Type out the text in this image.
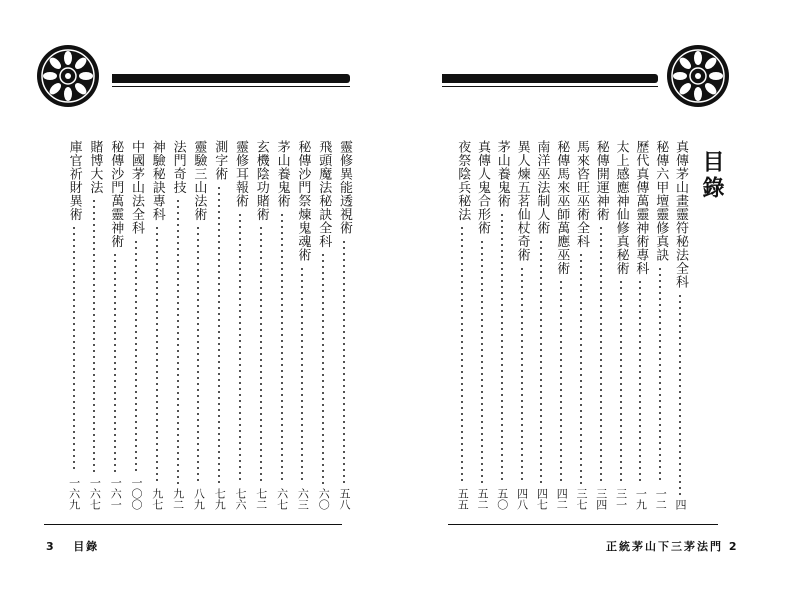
靈修異能透視術
五八
飛頭魔法秘訣全科
六〇
秘傳沙門祭煉鬼魂術
六三
茅山養鬼術
六七
玄機陰功賭術
七二
靈修耳報術
七六
測字術
七九
靈驗三山法術
八九
法門奇技
九二
神驗秘訣專科
九七
中國茅山法全科
一〇〇
秘傳沙門萬靈神術
一六一
賭博大法
一六七
庫官祈財異術
一六九
3 目錄
目錄
真傳茅山畫靈符秘法全科
四
秘傳六甲壇靈修真訣
一二
歷代真傳萬靈神術專科
一九
太上感應神仙修真秘術
三一
秘傳開運神術
三四
馬來咨旺巫術全科
三七
秘傳馬來巫師萬應巫術
四二
南洋巫法制人術
四七
異人煉五茗仙杖奇術
四八
茅山養鬼術
五〇
真傳人鬼合形術
五二
夜祭陰兵秘法
五五
正統茅山下三茅法門 2
